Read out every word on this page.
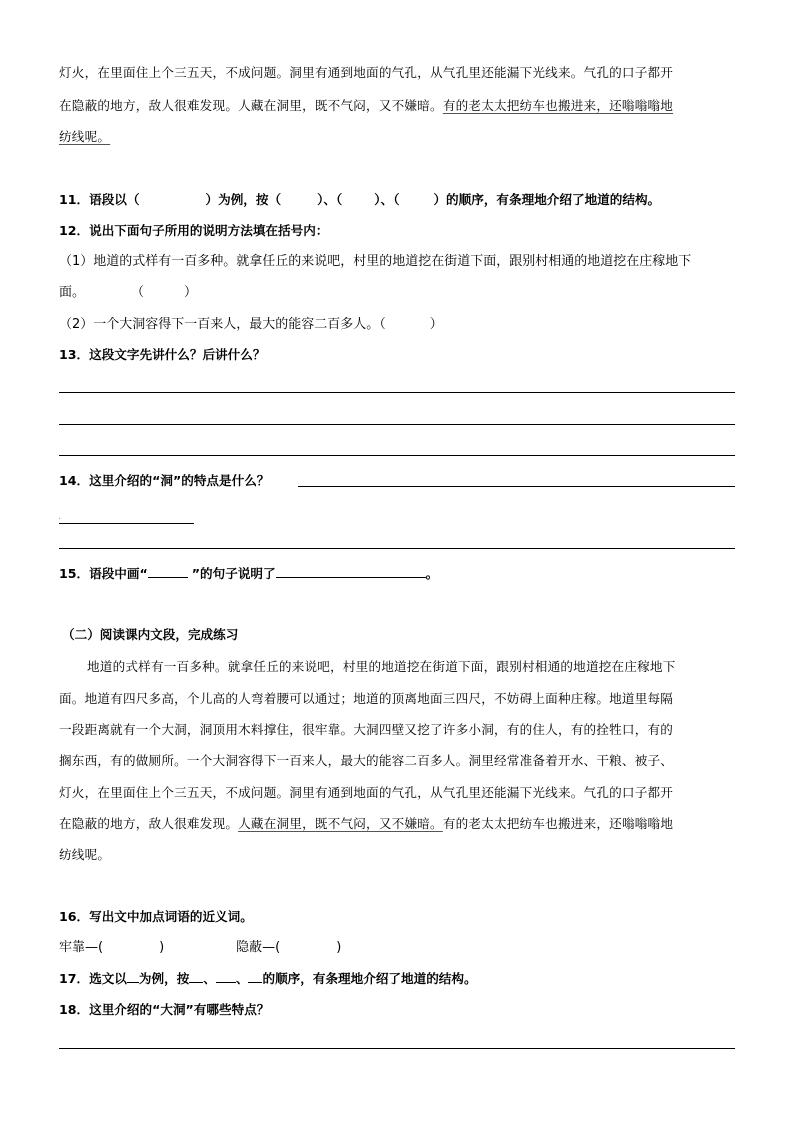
灯火，在里面住上个三五天，不成问题。洞里有通到地面的气孔，从气孔里还能漏下光线来。气孔的口子都开
在隐蔽的地方，敌人很难发现。人藏在洞里，既不气闷，又不嫌暗。有的老太太把纺车也搬进来，还嗡嗡嗡地
纺线呢。
11．语段以（	）为例，按（	）、（	）、（	）的顺序，有条理地介绍了地道的结构。
12．说出下面句子所用的说明方法填在括号内：
（1）地道的式样有一百多种。就拿任丘的来说吧，村里的地道挖在街道下面，跟别村相通的地道挖在庄稼地下
面。	（	）
（2）一个大洞容得下一百来人，最大的能容二百多人。（	）
13．这段文字先讲什么？后讲什么？
14．这里介绍的“洞”的特点是什么？
·
15．语段中画“	”的句子说明了	。
（二）阅读课内文段，完成练习
地道的式样有一百多种。就拿任丘的来说吧，村里的地道挖在街道下面，跟别村相通的地道挖在庄稼地下
面。地道有四尺多高，个儿高的人弯着腰可以通过；地道的顶离地面三四尺，不妨碍上面种庄稼。地道里每隔
一段距离就有一个大洞，洞顶用木料撑住，很牢靠。大洞四壁又挖了许多小洞，有的住人，有的拴牲口，有的
搁东西，有的做厕所。一个大洞容得下一百来人，最大的能容二百多人。洞里经常准备着开水、干粮、被子、
灯火，在里面住上个三五天，不成问题。洞里有通到地面的气孔，从气孔里还能漏下光线来。气孔的口子都开
在隐蔽的地方，敌人很难发现。人藏在洞里，既不气闷，又不嫌暗。有的老太太把纺车也搬进来，还嗡嗡嗡地
纺线呢。
16．写出文中加点词语的近义词。
牢靠—(	)	隐蔽—(	)
17．选文以 为例，按 、 、 的顺序，有条理地介绍了地道的结构。
18．这里介绍的“大洞”有哪些特点？
